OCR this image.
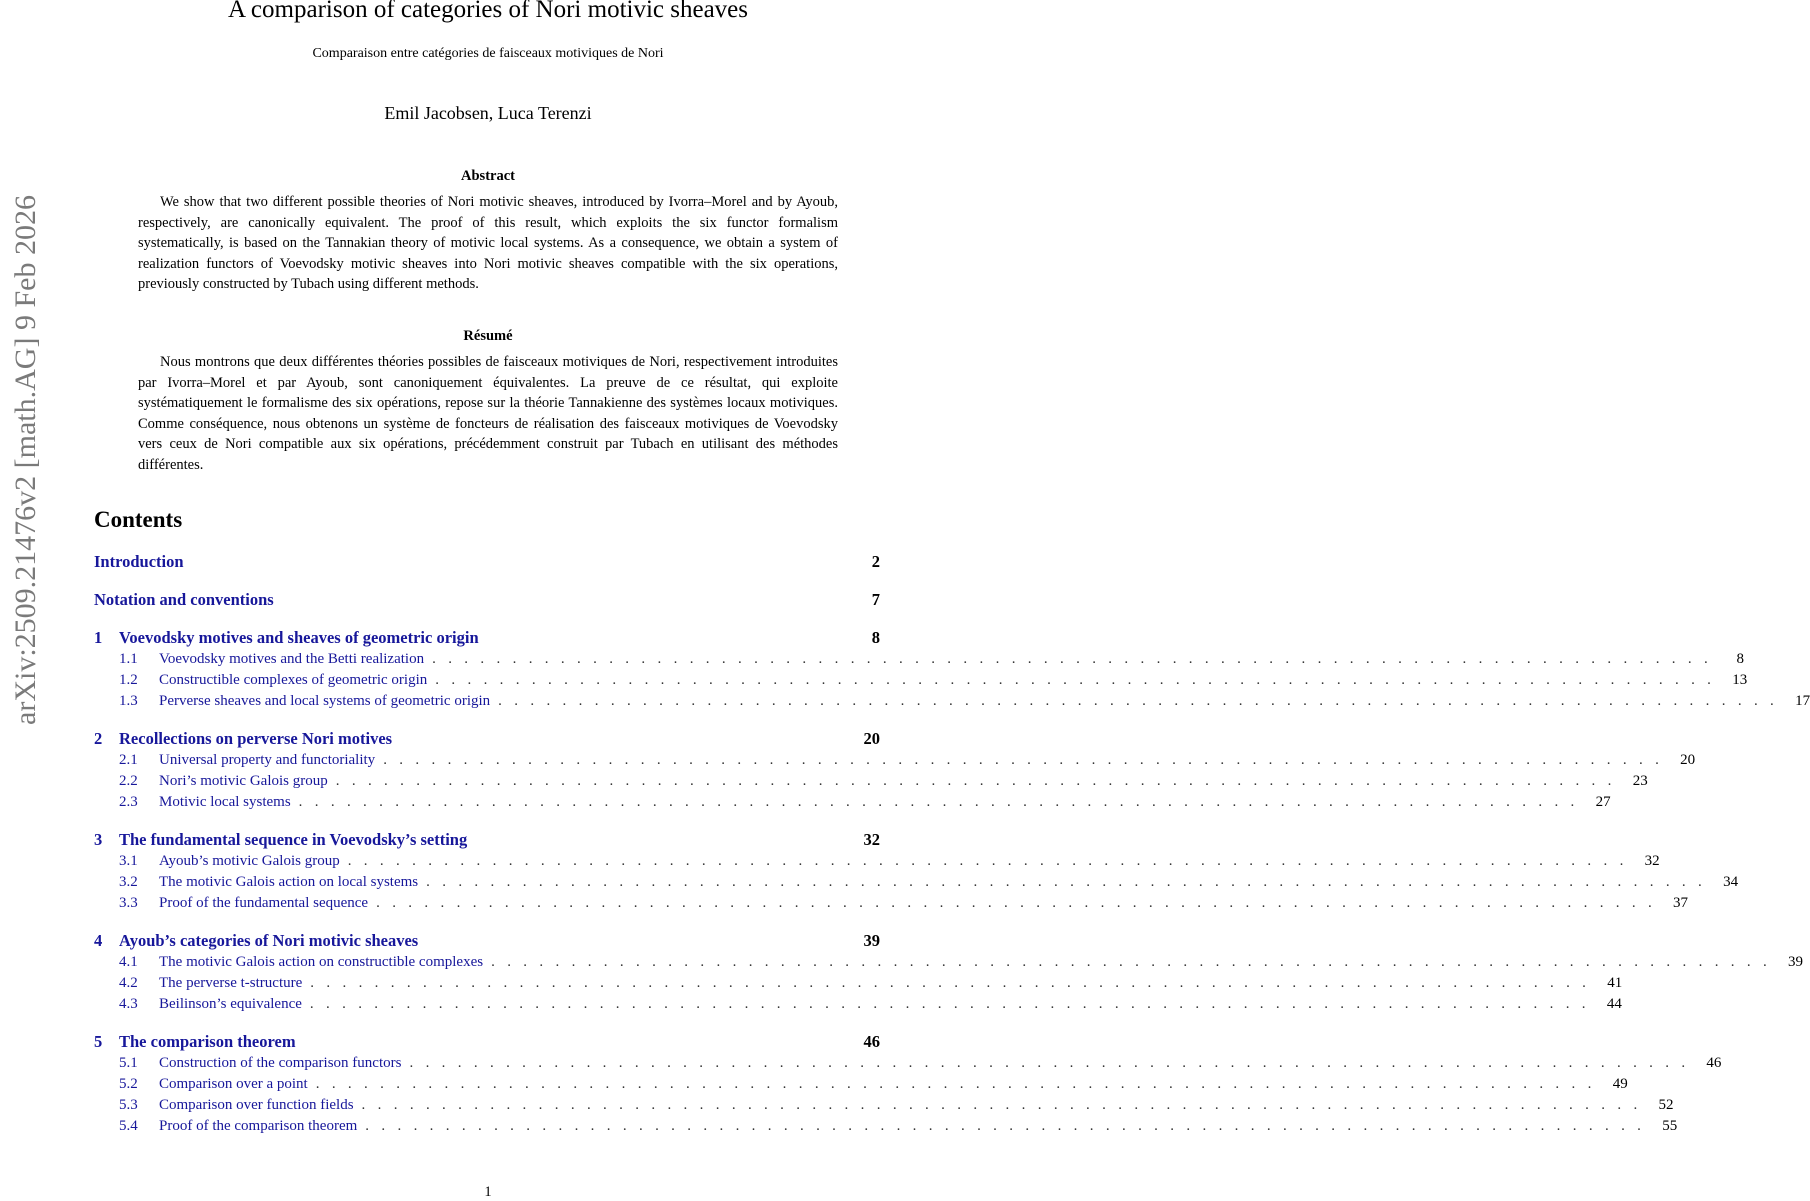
arXiv:2509.21476v2 [math.AG] 9 Feb 2026
A comparison of categories of Nori motivic sheaves
Comparaison entre catégories de faisceaux motiviques de Nori
Emil Jacobsen, Luca Terenzi
Abstract
We show that two different possible theories of Nori motivic sheaves, introduced by Ivorra–Morel and by Ayoub, respectively, are canonically equivalent. The proof of this result, which exploits the six functor formalism systematically, is based on the Tannakian theory of motivic local systems. As a consequence, we obtain a system of realization functors of Voevodsky motivic sheaves into Nori motivic sheaves compatible with the six operations, previously constructed by Tubach using different methods.
Résumé
Nous montrons que deux différentes théories possibles de faisceaux motiviques de Nori, respectivement introduites par Ivorra–Morel et par Ayoub, sont canoniquement équivalentes. La preuve de ce résultat, qui exploite systématiquement le formalisme des six opérations, repose sur la théorie Tannakienne des systèmes locaux motiviques. Comme conséquence, nous obtenons un système de foncteurs de réalisation des faisceaux motiviques de Voevodsky vers ceux de Nori compatible aux six opérations, précédemment construit par Tubach en utilisant des méthodes différentes.
Contents
Introduction	2
Notation and conventions	7
1 Voevodsky motives and sheaves of geometric origin	8
1.1	Voevodsky motives and the Betti realization . . . . . . . . . . . . . . . . . . . . . . . . . . . . . . . . . . . . . . . . . . . . . . . . . . . . . . . . . . . . . . . . . . . . . . . . . . . . . . . .	8
1.2	Constructible complexes of geometric origin . . . . . . . . . . . . . . . . . . . . . . . . . . . . . . . . . . . . . . . . . . . . . . . . . . . . . . . . . . . . . . . . . . . . . . . . . . . . . . . .	13
1.3	Perverse sheaves and local systems of geometric origin . . . . . . . . . . . . . . . . . . . . . . . . . . . . . . . . . . . . . . . . . . . . . . . . . . . . . . . . . . . . . . . . . . . . . . . . . . . . . . . .	17
2 Recollections on perverse Nori motives	20
2.1	Universal property and functoriality . . . . . . . . . . . . . . . . . . . . . . . . . . . . . . . . . . . . . . . . . . . . . . . . . . . . . . . . . . . . . . . . . . . . . . . . . . . . . . . .	20
2.2	Nori’s motivic Galois group . . . . . . . . . . . . . . . . . . . . . . . . . . . . . . . . . . . . . . . . . . . . . . . . . . . . . . . . . . . . . . . . . . . . . . . . . . . . . . . .	23
2.3	Motivic local systems . . . . . . . . . . . . . . . . . . . . . . . . . . . . . . . . . . . . . . . . . . . . . . . . . . . . . . . . . . . . . . . . . . . . . . . . . . . . . . . .	27
3 The fundamental sequence in Voevodsky’s setting	32
3.1	Ayoub’s motivic Galois group . . . . . . . . . . . . . . . . . . . . . . . . . . . . . . . . . . . . . . . . . . . . . . . . . . . . . . . . . . . . . . . . . . . . . . . . . . . . . . . .	32
3.2	The motivic Galois action on local systems . . . . . . . . . . . . . . . . . . . . . . . . . . . . . . . . . . . . . . . . . . . . . . . . . . . . . . . . . . . . . . . . . . . . . . . . . . . . . . . .	34
3.3	Proof of the fundamental sequence . . . . . . . . . . . . . . . . . . . . . . . . . . . . . . . . . . . . . . . . . . . . . . . . . . . . . . . . . . . . . . . . . . . . . . . . . . . . . . . .	37
4 Ayoub’s categories of Nori motivic sheaves	39
4.1	The motivic Galois action on constructible complexes . . . . . . . . . . . . . . . . . . . . . . . . . . . . . . . . . . . . . . . . . . . . . . . . . . . . . . . . . . . . . . . . . . . . . . . . . . . . . . . .	39
4.2	The perverse t-structure . . . . . . . . . . . . . . . . . . . . . . . . . . . . . . . . . . . . . . . . . . . . . . . . . . . . . . . . . . . . . . . . . . . . . . . . . . . . . . . .	41
4.3	Beilinson’s equivalence . . . . . . . . . . . . . . . . . . . . . . . . . . . . . . . . . . . . . . . . . . . . . . . . . . . . . . . . . . . . . . . . . . . . . . . . . . . . . . . .	44
5 The comparison theorem	46
5.1	Construction of the comparison functors . . . . . . . . . . . . . . . . . . . . . . . . . . . . . . . . . . . . . . . . . . . . . . . . . . . . . . . . . . . . . . . . . . . . . . . . . . . . . . . .	46
5.2	Comparison over a point . . . . . . . . . . . . . . . . . . . . . . . . . . . . . . . . . . . . . . . . . . . . . . . . . . . . . . . . . . . . . . . . . . . . . . . . . . . . . . . .	49
5.3	Comparison over function fields . . . . . . . . . . . . . . . . . . . . . . . . . . . . . . . . . . . . . . . . . . . . . . . . . . . . . . . . . . . . . . . . . . . . . . . . . . . . . . . .	52
5.4	Proof of the comparison theorem . . . . . . . . . . . . . . . . . . . . . . . . . . . . . . . . . . . . . . . . . . . . . . . . . . . . . . . . . . . . . . . . . . . . . . . . . . . . . . . .	55
1
